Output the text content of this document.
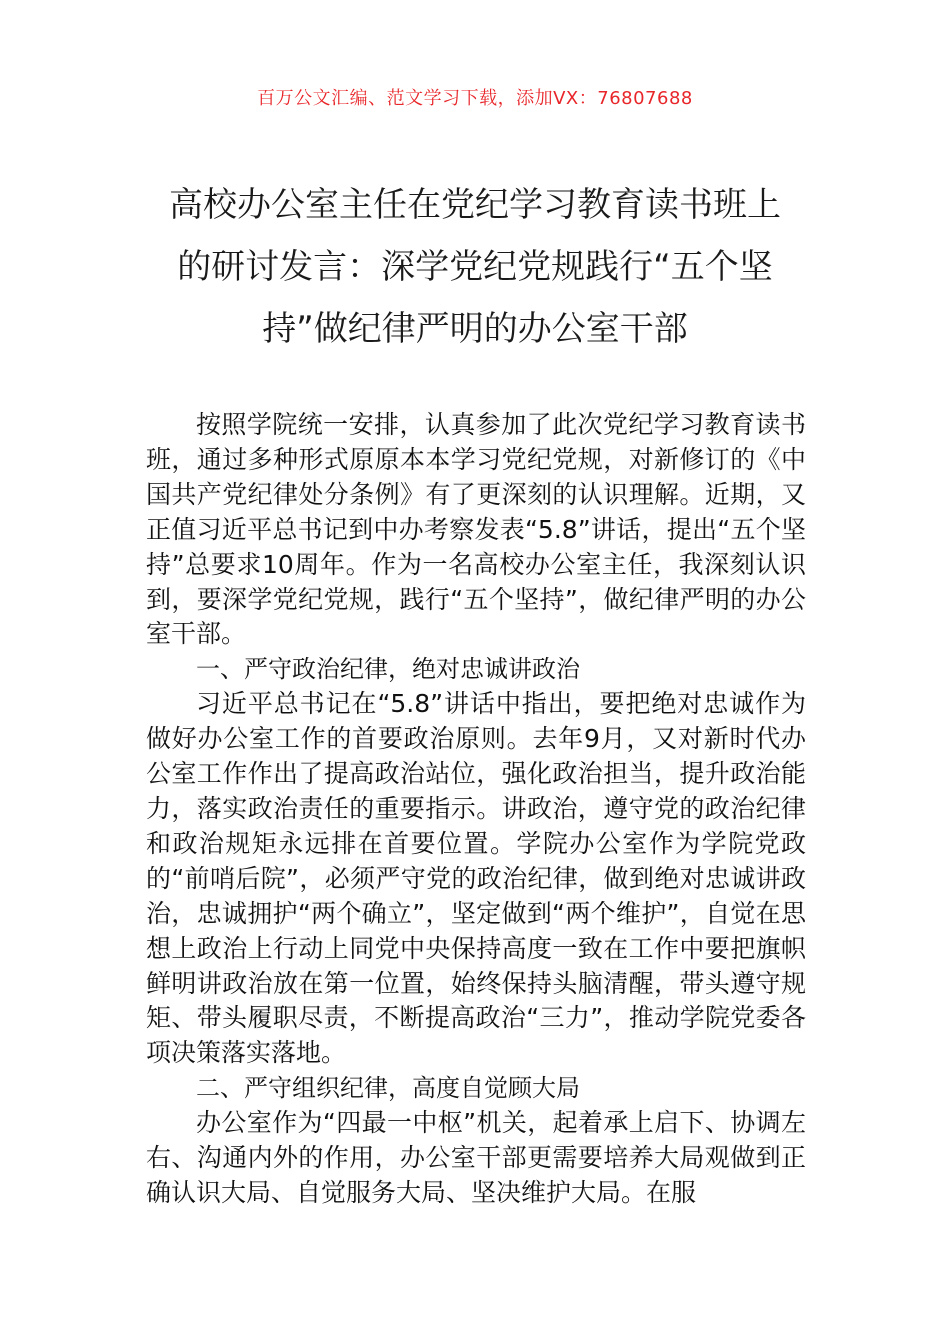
百万公文汇编、范文学习下载，添加VX：76807688
高校办公室主任在党纪学习教育读书班上
的研讨发言：深学党纪党规践行“五个坚
持”做纪律严明的办公室干部

按照学院统一安排，认真参加了此次党纪学习教育读书班，通过多种形式原原本本学习党纪党规，对新修订的《中国共产党纪律处分条例》有了更深刻的认识理解。近期，又正值习近平总书记到中办考察发表“5.8”讲话，提出“五个坚持”总要求10周年。作为一名高校办公室主任，我深刻认识到，要深学党纪党规，践行“五个坚持”，做纪律严明的办公室干部。

一、严守政治纪律，绝对忠诚讲政治

习近平总书记在“5.8”讲话中指出，要把绝对忠诚作为做好办公室工作的首要政治原则。去年9月，又对新时代办公室工作作出了提高政治站位，强化政治担当，提升政治能力，落实政治责任的重要指示。讲政治，遵守党的政治纪律和政治规矩永远排在首要位置。学院办公室作为学院党政的“前哨后院”，必须严守党的政治纪律，做到绝对忠诚讲政治，忠诚拥护“两个确立”，坚定做到“两个维护”，自觉在思想上政治上行动上同党中央保持高度一致在工作中要把旗帜鲜明讲政治放在第一位置，始终保持头脑清醒，带头遵守规矩、带头履职尽责，不断提高政治“三力”，推动学院党委各项决策落实落地。

二、严守组织纪律，高度自觉顾大局

办公室作为“四最一中枢”机关，起着承上启下、协调左右、沟通内外的作用，办公室干部更需要培养大局观做到正确认识大局、自觉服务大局、坚决维护大局。在服
